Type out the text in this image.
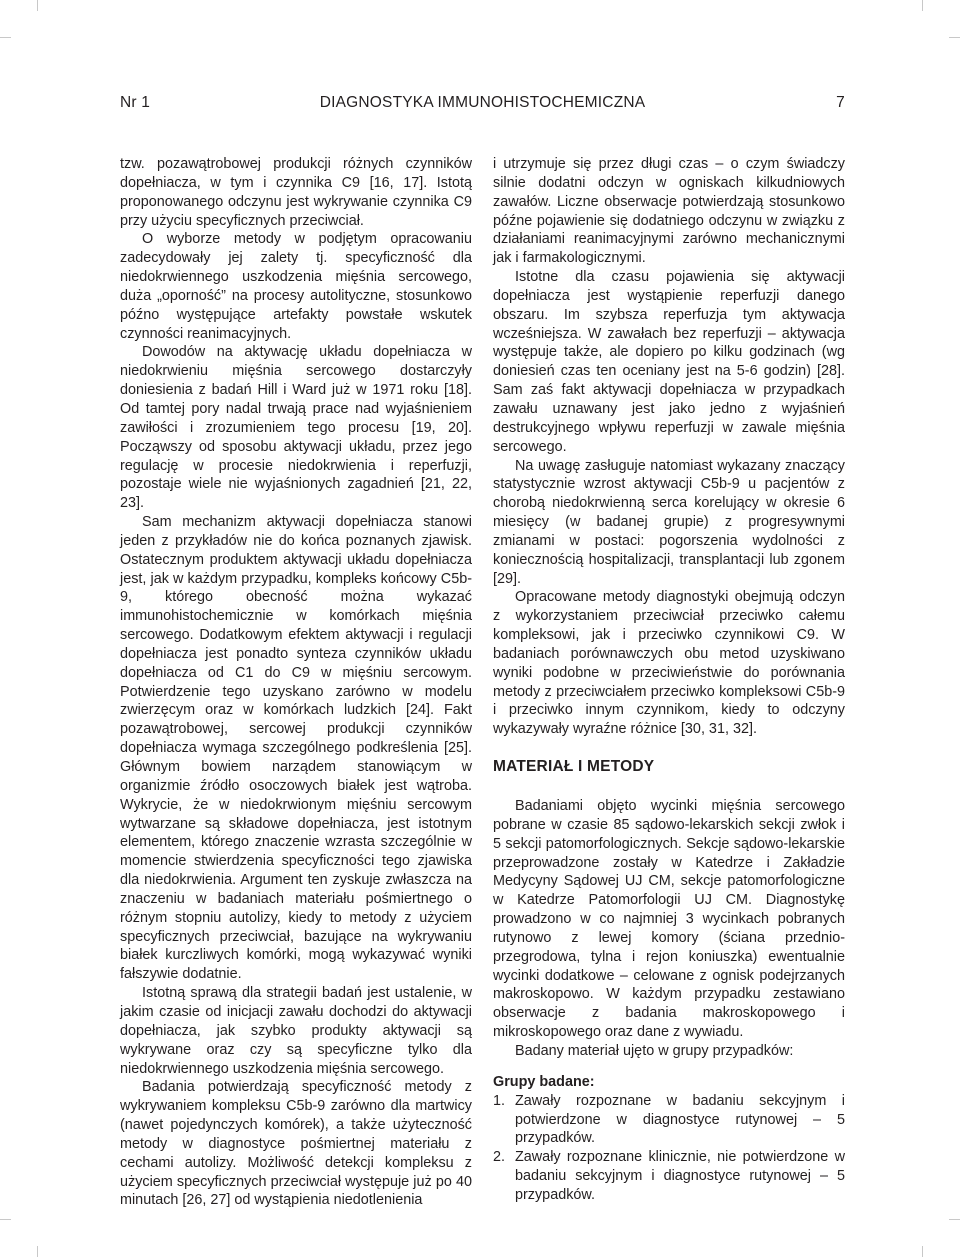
Nr 1	DIAGNOSTYKA IMMUNOHISTOCHEMICZNA	7

tzw. pozawątrobowej produkcji różnych czynników dopełniacza, w tym i czynnika C9 [16, 17]. Istotą proponowanego odczynu jest wykrywanie czynnika C9 przy użyciu specyficznych przeciwciał.

O wyborze metody w podjętym opracowaniu zadecydowały jej zalety tj. specyficzność dla niedokrwiennego uszkodzenia mięśnia sercowego, duża „oporność” na procesy autolityczne, stosunkowo późno występujące artefakty powstałe wskutek czynności reanimacyjnych.

Dowodów na aktywację układu dopełniacza w niedokrwieniu mięśnia sercowego dostarczyły doniesienia z badań Hill i Ward już w 1971 roku [18]. Od tamtej pory nadal trwają prace nad wyjaśnieniem zawiłości i zrozumieniem tego procesu [19, 20]. Począwszy od sposobu aktywacji układu, przez jego regulację w procesie niedokrwienia i reperfuzji, pozostaje wiele nie wyjaśnionych zagadnień [21, 22, 23].

Sam mechanizm aktywacji dopełniacza stanowi jeden z przykładów nie do końca poznanych zjawisk. Ostatecznym produktem aktywacji układu dopełniacza jest, jak w każdym przypadku, kompleks końcowy C5b-9, którego obecność można wykazać immunohistochemicznie w komórkach mięśnia sercowego. Dodatkowym efektem aktywacji i regulacji dopełniacza jest ponadto synteza czynników układu dopełniacza od C1 do C9 w mięśniu sercowym. Potwierdzenie tego uzyskano zarówno w modelu zwierzęcym oraz w komórkach ludzkich [24]. Fakt pozawątrobowej, sercowej produkcji czynników dopełniacza wymaga szczególnego podkreślenia [25]. Głównym bowiem narządem stanowiącym w organizmie źródło osoczowych białek jest wątroba. Wykrycie, że w niedokrwionym mięśniu sercowym wytwarzane są składowe dopełniacza, jest istotnym elementem, którego znaczenie wzrasta szczególnie w momencie stwierdzenia specyficzności tego zjawiska dla niedokrwienia. Argument ten zyskuje zwłaszcza na znaczeniu w badaniach materiału pośmiertnego o różnym stopniu autolizy, kiedy to metody z użyciem specyficznych przeciwciał, bazujące na wykrywaniu białek kurczliwych komórki, mogą wykazywać wyniki fałszywie dodatnie.

Istotną sprawą dla strategii badań jest ustalenie, w jakim czasie od inicjacji zawału dochodzi do aktywacji dopełniacza, jak szybko produkty aktywacji są wykrywane oraz czy są specyficzne tylko dla niedokrwiennego uszkodzenia mięśnia sercowego.

Badania potwierdzają specyficzność metody z wykrywaniem kompleksu C5b-9 zarówno dla martwicy (nawet pojedynczych komórek), a także użyteczność metody w diagnostyce pośmiertnej materiału z cechami autolizy. Możliwość detekcji kompleksu z użyciem specyficznych przeciwciał występuje już po 40 minutach [26, 27] od wystąpienia niedotlenienia

i utrzymuje się przez długi czas – o czym świadczy silnie dodatni odczyn w ogniskach kilkudniowych zawałów. Liczne obserwacje potwierdzają stosunkowo późne pojawienie się dodatniego odczynu w związku z działaniami reanimacyjnymi zarówno mechanicznymi jak i farmakologicznymi.

Istotne dla czasu pojawienia się aktywacji dopełniacza jest wystąpienie reperfuzji danego obszaru. Im szybsza reperfuzja tym aktywacja wcześniejsza. W zawałach bez reperfuzji – aktywacja występuje także, ale dopiero po kilku godzinach (wg doniesień czas ten oceniany jest na 5-6 godzin) [28]. Sam zaś fakt aktywacji dopełniacza w przypadkach zawału uznawany jest jako jedno z wyjaśnień destrukcyjnego wpływu reperfuzji w zawale mięśnia sercowego.

Na uwagę zasługuje natomiast wykazany znaczący statystycznie wzrost aktywacji C5b-9 u pacjentów z chorobą niedokrwienną serca korelujący w okresie 6 miesięcy (w badanej grupie) z progresywnymi zmianami w postaci: pogorszenia wydolności z koniecznością hospitalizacji, transplantacji lub zgonem [29].

Opracowane metody diagnostyki obejmują odczyn z wykorzystaniem przeciwciał przeciwko całemu kompleksowi, jak i przeciwko czynnikowi C9. W badaniach porównawczych obu metod uzyskiwano wyniki podobne w przeciwieństwie do porównania metody z przeciwciałem przeciwko kompleksowi C5b-9 i przeciwko innym czynnikom, kiedy to odczyny wykazywały wyraźne różnice [30, 31, 32].

MATERIAŁ I METODY

Badaniami objęto wycinki mięśnia sercowego pobrane w czasie 85 sądowo-lekarskich sekcji zwłok i 5 sekcji patomorfologicznych. Sekcje sądowo-lekarskie przeprowadzone zostały w Katedrze i Zakładzie Medycyny Sądowej UJ CM, sekcje patomorfologiczne w Katedrze Patomorfologii UJ CM. Diagnostykę prowadzono w co najmniej 3 wycinkach pobranych rutynowo z lewej komory (ściana przednio-przegrodowa, tylna i rejon koniuszka) ewentualnie wycinki dodatkowe – celowane z ognisk podejrzanych makroskopowo. W każdym przypadku zestawiano obserwacje z badania makroskopowego i mikroskopowego oraz dane z wywiadu.

Badany materiał ujęto w grupy przypadków:

Grupy badane:
1. Zawały rozpoznane w badaniu sekcyjnym i potwierdzone w diagnostyce rutynowej – 5 przypadków.
2. Zawały rozpoznane klinicznie, nie potwierdzone w badaniu sekcyjnym i diagnostyce rutynowej – 5 przypadków.
